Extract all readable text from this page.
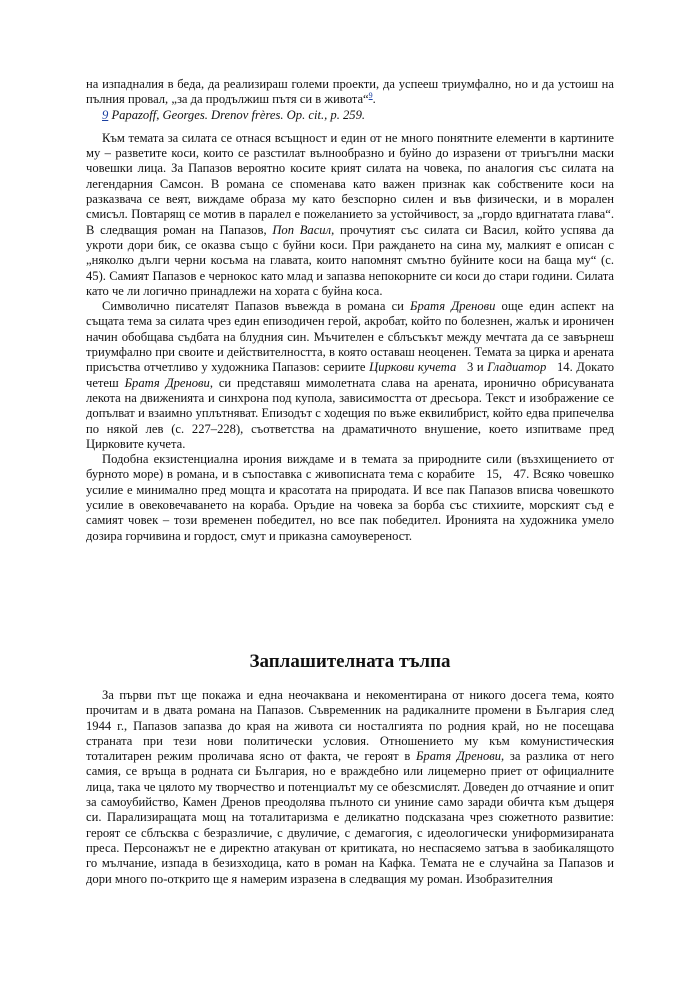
на изпадналия в беда, да реализираш големи проекти, да успееш триумфално, но и да устоиш на пълния провал, „за да продължиш пътя си в живота“$^9$.

9 Papazoff, Georges. Drenov frères. Op. cit., p. 259.

Към темата за силата се отнася всъщност и един от не много понятните елементи в картините му – разветите коси, които се разстилат вълнообразно и буйно до изразени от триъгълни маски човешки лица. За Папазов вероятно косите крият силата на човека, по аналогия със силата на легендарния Самсон. В романа се споменава като важен признак как собствените коси на разказвача се веят, виждаме образа му като безспорно силен и във физически, и в морален смисъл. Повтарящ се мотив в паралел е пожеланието за устойчивост, за „гордо вдигнатата глава“. В следващия роман на Папазов, Поп Васил, прочутият със силата си Васил, който успява да укроти дори бик, се оказва също с буйни коси. При раждането на сина му, малкият е описан с „няколко дълги черни косъма на главата, които напомнят смътно буйните коси на баща му“ (с. 45). Самият Папазов е чернокос като млад и запазва непокорните си коси до стари години. Силата като че ли логично принадлежи на хората с буйна коса.

Символично писателят Папазов въвежда в романа си Братя Дренови още един аспект на същата тема за силата чрез един епизодичен герой, акробат, който по болезнен, жалък и ироничен начин обобщава съдбата на блудния син. Мъчителен е сблъсъкът между мечтата да се завърнеш триумфално при своите и действителността, в която оставаш неоценен. Темата за цирка и арената присъства отчетливо у художника Папазов: сериите Циркови кучета   3 и Гладиатор   14. Докато четеш Братя Дренови, си представяш мимолетната слава на арената, иронично обрисуваната лекота на движенията и синхрона под купола, зависимостта от дресьора. Текст и изображение се допълват и взаимно уплътняват. Епизодът с ходещия по въже еквилибрист, който едва припечелва по някой лев (с. 227–228), съответства на драматичното внушение, което изпитваме пред Цирковите кучета.

Подобна екзистенциална ирония виждаме и в темата за природните сили (възхищението от бурното море) в романа, и в съпоставка с живописната тема с корабите   15,   47. Всяко човешко усилие е минимално пред мощта и красотата на природата. И все пак Папазов вписва човешкото усилие в овековечаването на кораба. Оръдие на човека за борба със стихиите, морският съд е самият човек – този временен победител, но все пак победител. Иронията на художника умело дозира горчивина и гордост, смут и приказна самоувереност.

Заплашителната тълпа

За първи път ще покажа и една неочаквана и некоментирана от никого досега тема, която прочитам и в двата романа на Папазов. Съвременник на радикалните промени в България след 1944 г., Папазов запазва до края на живота си носталгията по родния край, но не посещава страната при тези нови политически условия. Отношението му към комунистическия тоталитарен режим проличава ясно от факта, че героят в Братя Дренови, за разлика от него самия, се връща в родната си България, но е враждебно или лицемерно приет от официалните лица, така че цялото му творчество и потенциалът му се обезсмислят. Доведен до отчаяние и опит за самоубийство, Камен Дренов преодолява пълното си униние само заради обичта към дъщеря си. Парализиращата мощ на тоталитаризма е деликатно подсказана чрез сюжетното развитие: героят се сблъсква с безразличие, с двуличие, с демагогия, с идеологически униформизираната преса. Персонажът не е директно атакуван от критиката, но неспасяемо затъва в заобикалящото го мълчание, изпада в безизходица, като в роман на Кафка. Темата не е случайна за Папазов и дори много по-открито ще я намерим изразена в следващия му роман. Изобразителния
